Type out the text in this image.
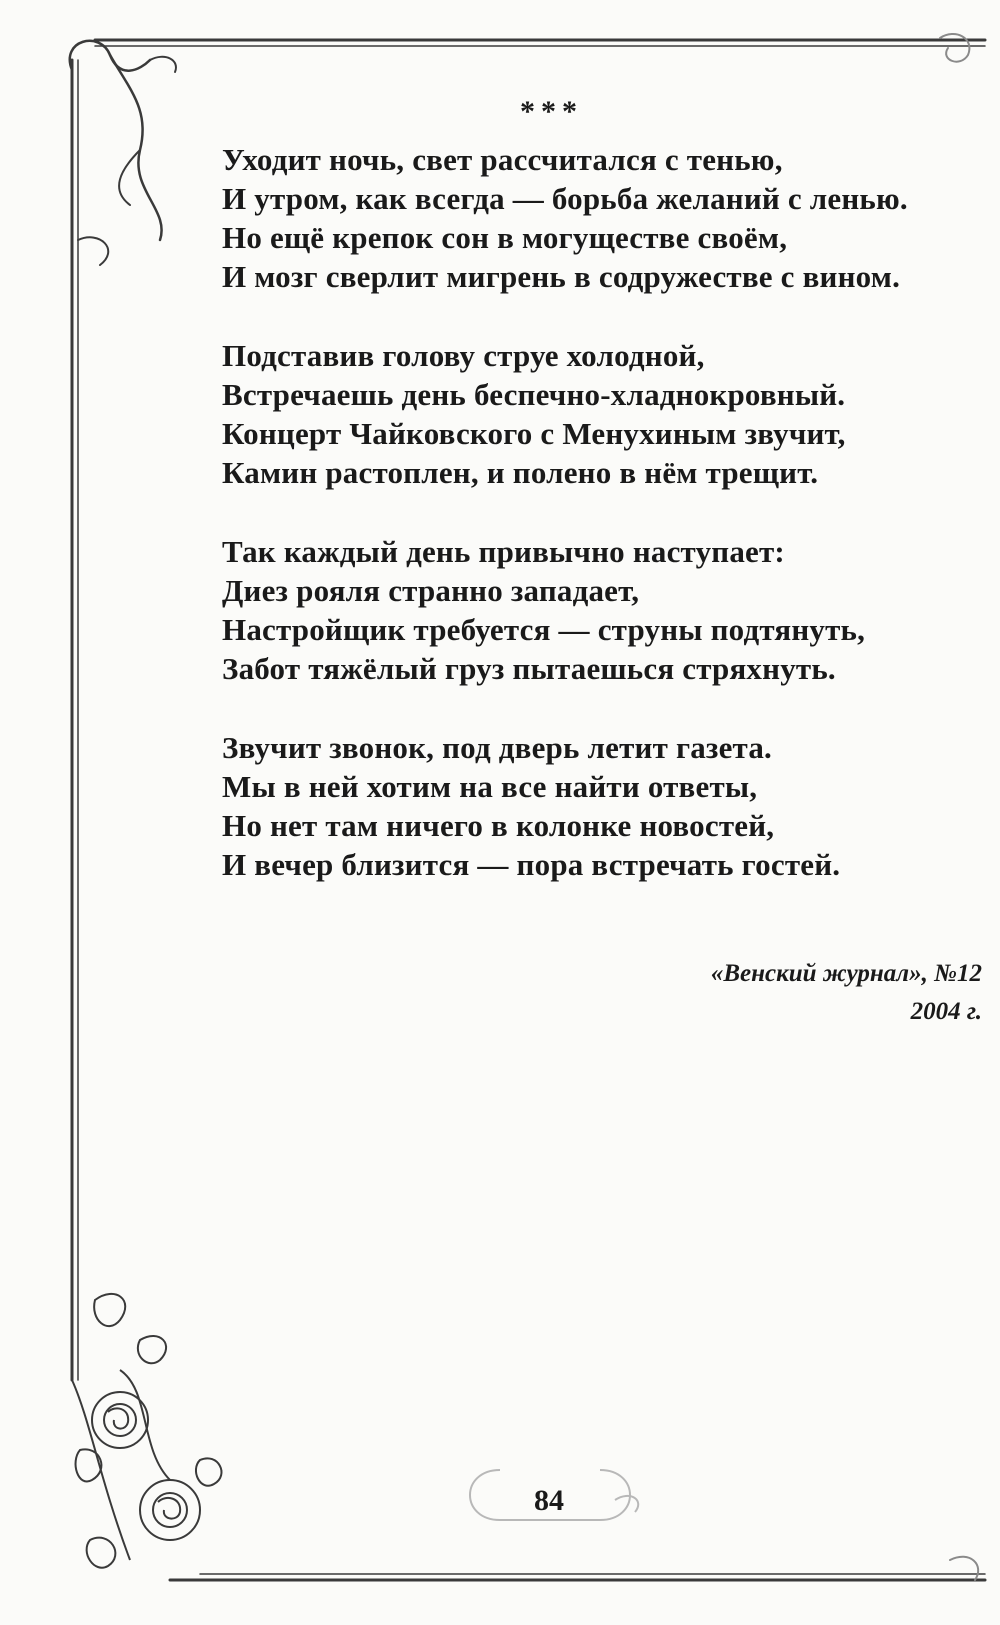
***
Уходит ночь, свет рассчитался с тенью,
И утром, как всегда — борьба желаний с ленью.
Но ещё крепок сон в могуществе своём,
И мозг сверлит мигрень в содружестве с вином.
Подставив голову струе холодной,
Встречаешь день беспечно-хладнокровный.
Концерт Чайковского с Менухиным звучит,
Камин растоплен, и полено в нём трещит.
Так каждый день привычно наступает:
Диез рояля странно западает,
Настройщик требуется — струны подтянуть,
Забот тяжёлый груз пытаешься стряхнуть.
Звучит звонок, под дверь летит газета.
Мы в ней хотим на все найти ответы,
Но нет там ничего в колонке новостей,
И вечер близится — пора встречать гостей.
«Венский журнал», №12
2004 г.
84
